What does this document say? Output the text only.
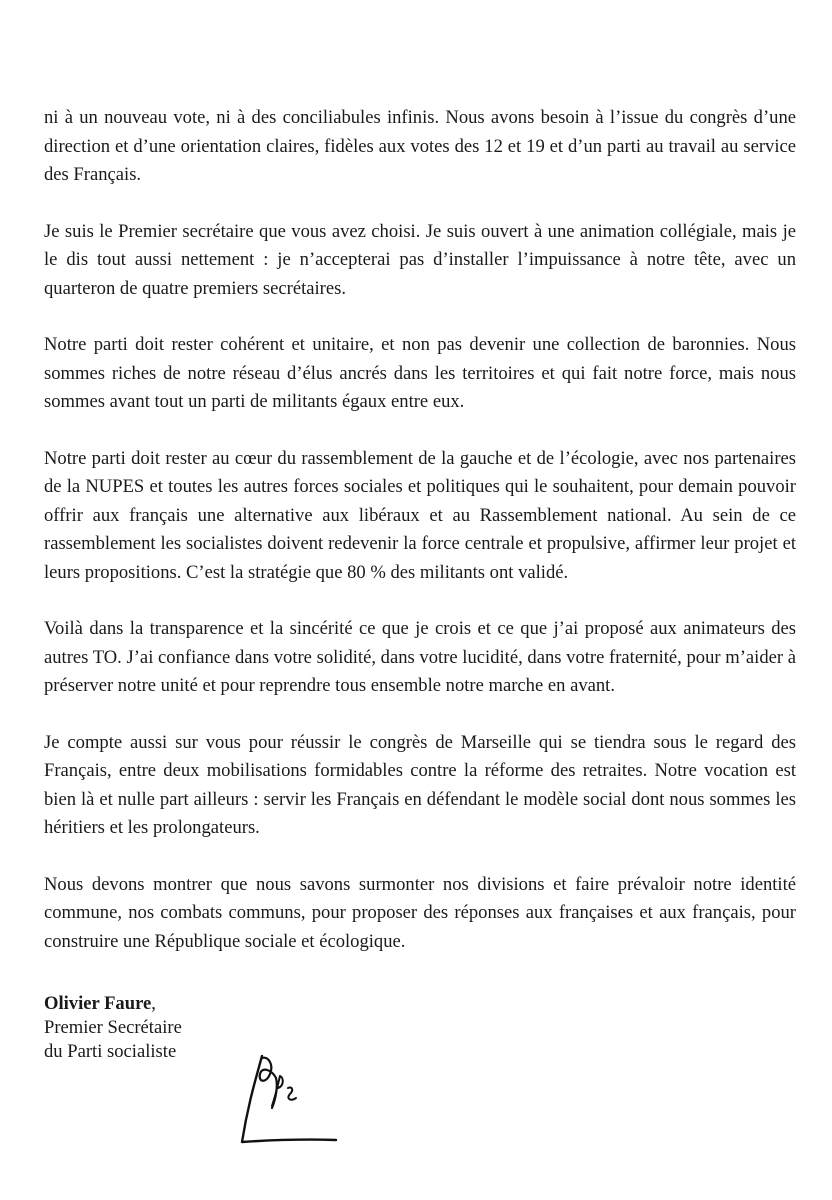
ni à un nouveau vote, ni à des conciliabules infinis. Nous avons besoin à l’issue du congrès d’une direction et d’une orientation claires, fidèles aux votes des 12 et 19 et d’un parti au travail au service des Français.

Je suis le Premier secrétaire que vous avez choisi. Je suis ouvert à une animation collégiale, mais je le dis tout aussi nettement : je n’accepterai pas d’installer l’impuissance à notre tête, avec un quarteron de quatre premiers secrétaires.

Notre parti doit rester cohérent et unitaire, et non pas devenir une collection de baronnies. Nous sommes riches de notre réseau d’élus ancrés dans les territoires et qui fait notre force, mais nous sommes avant tout un parti de militants égaux entre eux.

Notre parti doit rester au cœur du rassemblement de la gauche et de l’écologie, avec nos partenaires de la NUPES et toutes les autres forces sociales et politiques qui le souhaitent, pour demain pouvoir offrir aux français une alternative aux libéraux et au Rassemblement national. Au sein de ce rassemblement les socialistes doivent redevenir la force centrale et propulsive, affirmer leur projet et leurs propositions. C’est la stratégie que 80 % des militants ont validé.

Voilà dans la transparence et la sincérité ce que je crois et ce que j’ai proposé aux animateurs des autres TO. J’ai confiance dans votre solidité, dans votre lucidité, dans votre fraternité, pour m’aider à préserver notre unité et pour reprendre tous ensemble notre marche en avant.

Je compte aussi sur vous pour réussir le congrès de Marseille qui se tiendra sous le regard des Français, entre deux mobilisations formidables contre la réforme des retraites. Notre vocation est bien là et nulle part ailleurs : servir les Français en défendant le modèle social dont nous sommes les héritiers et les prolongateurs.

Nous devons montrer que nous savons surmonter nos divisions et faire prévaloir notre identité commune, nos combats communs, pour proposer des réponses aux françaises et aux français, pour construire une République sociale et écologique.

Olivier Faure,
Premier Secrétaire
du Parti socialiste
